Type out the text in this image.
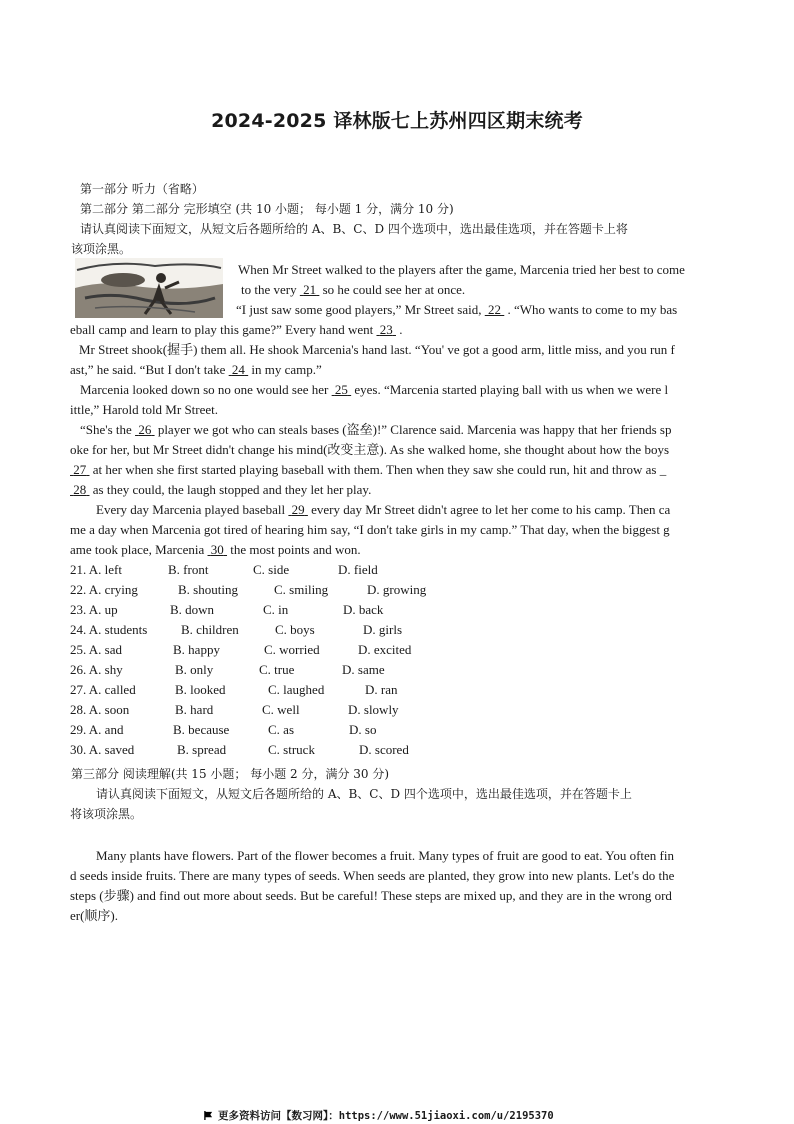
2024-2025 译林版七上苏州四区期末统考
第一部分 听力（省略）
第二部分 第二部分 完形填空 (共 10 小题； 每小题 1 分，满分 10 分)
请认真阅读下面短文，从短文后各题所给的 A、B、C、D 四个选项中，选出最佳选项，并在答题卡上将
该项涂黑。
When Mr Street walked to the players after the game, Marcenia tried her best to come
to the very  21  so he could see her at once.
“I just saw some good players,” Mr Street said,  22  . “Who wants to come to my bas
eball camp and learn to play this game?” Every hand went  23  .
Mr Street shook(握手) them all. He shook Marcenia's hand last. “You' ve got a good arm, little miss, and you run f
ast,” he said. “But I don't take  24  in my camp.”
Marcenia looked down so no one would see her  25  eyes. “Marcenia started playing ball with us when we were l
ittle,” Harold told Mr Street.
“She's the  26  player we got who can steals bases (盗垒)!” Clarence said. Marcenia was happy that her friends sp
oke for her, but Mr Street didn't change his mind(改变主意). As she walked home, she thought about how the boys
27  at her when she first started playing baseball with them. Then when they saw she could run, hit and throw as _
28  as they could, the laugh stopped and they let her play.
Every day Marcenia played baseball  29  every day Mr Street didn't agree to let her come to his camp. Then ca
me a day when Marcenia got tired of hearing him say, “I don't take girls in my camp.” That day, when the biggest g
ame took place, Marcenia  30  the most points and won.
21. A. left	B. front	C. side	D. field
22. A. crying	B. shouting	C. smiling	D. growing
23. A. up	B. down	C. in	D. back
24. A. students	B. children	C. boys	D. girls
25. A. sad	B. happy	C. worried	D. excited
26. A. shy	B. only	C. true	D. same
27. A. called	B. looked	C. laughed	D. ran
28. A. soon	B. hard	C. well	D. slowly
29. A. and	B. because	C. as	D. so
30. A. saved	B. spread	C. struck	D. scored
第三部分 阅读理解(共 15 小题； 每小题 2 分，满分 30 分)
请认真阅读下面短文，从短文后各题所给的 A、B、C、D 四个选项中，选出最佳选项，并在答题卡上
将该项涂黑。
Many plants have flowers. Part of the flower becomes a fruit. Many types of fruit are good to eat. You often fin
d seeds inside fruits. There are many types of seeds. When seeds are planted, they grow into new plants. Let's do the
steps (步骤) and find out more about seeds. But be careful! These steps are mixed up, and they are in the wrong ord
er(顺序).
更多资料访问【数习网】：https://www.51jiaoxi.com/u/2195370
